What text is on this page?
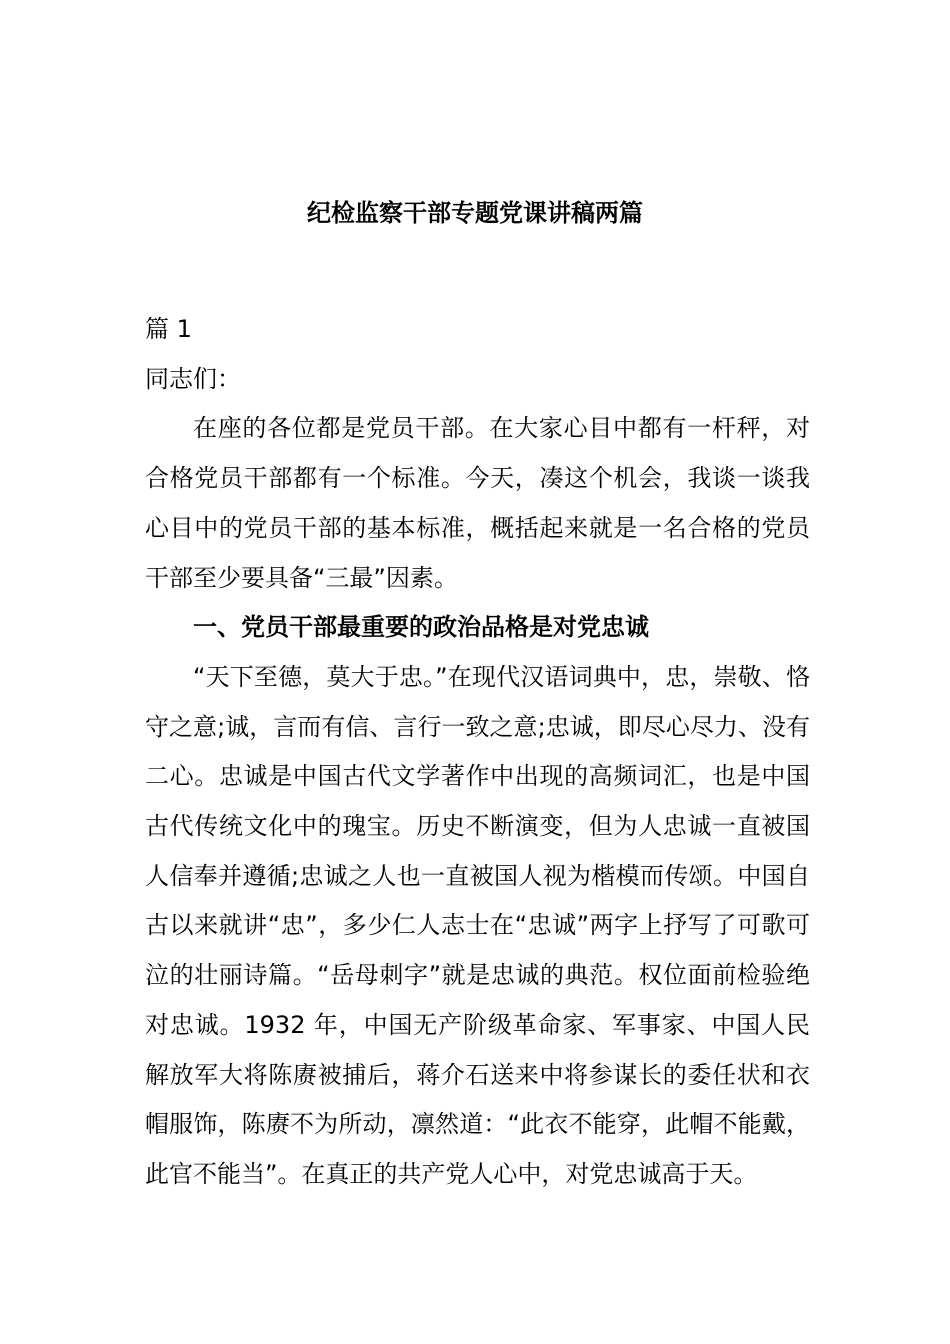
纪检监察干部专题党课讲稿两篇

篇 1

同志们：

在座的各位都是党员干部。在大家心目中都有一杆秤，对合格党员干部都有一个标准。今天，凑这个机会，我谈一谈我心目中的党员干部的基本标准，概括起来就是一名合格的党员干部至少要具备“三最”因素。

一、党员干部最重要的政治品格是对党忠诚

“天下至德，莫大于忠。”在现代汉语词典中，忠，崇敬、恪守之意;诚，言而有信、言行一致之意;忠诚，即尽心尽力、没有二心。忠诚是中国古代文学著作中出现的高频词汇，也是中国古代传统文化中的瑰宝。历史不断演变，但为人忠诚一直被国人信奉并遵循;忠诚之人也一直被国人视为楷模而传颂。中国自古以来就讲“忠”，多少仁人志士在“忠诚”两字上抒写了可歌可泣的壮丽诗篇。“岳母刺字”就是忠诚的典范。权位面前检验绝对忠诚。1932 年，中国无产阶级革命家、军事家、中国人民解放军大将陈赓被捕后，蒋介石送来中将参谋长的委任状和衣帽服饰，陈赓不为所动，凛然道：“此衣不能穿，此帽不能戴，此官不能当”。在真正的共产党人心中，对党忠诚高于天。
